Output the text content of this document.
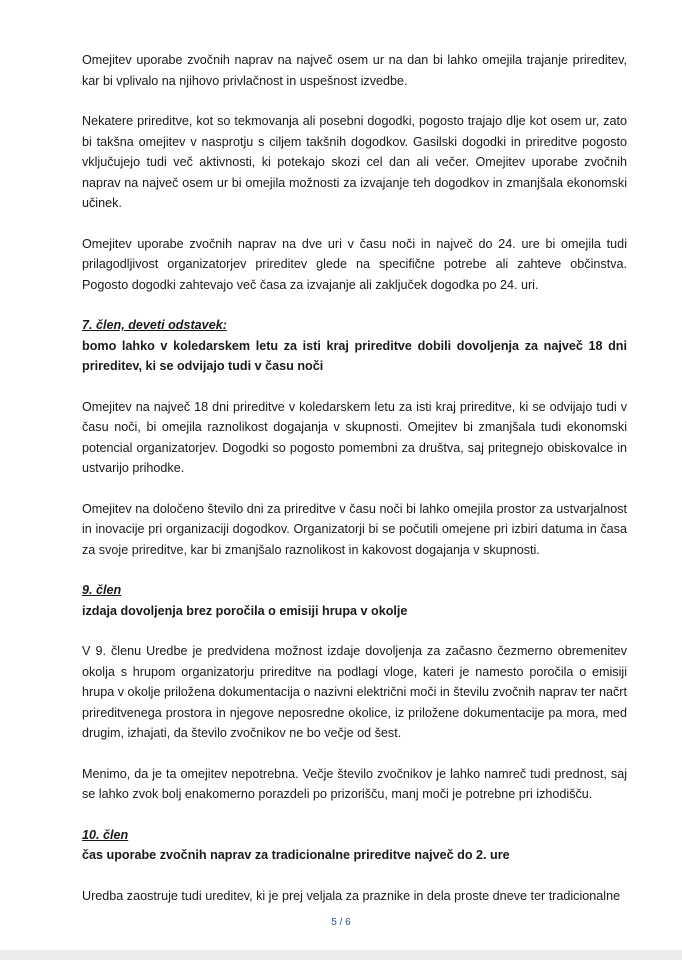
Omejitev uporabe zvočnih naprav na največ osem ur na dan bi lahko omejila trajanje prireditev, kar bi vplivalo na njihovo privlačnost in uspešnost izvedbe.

Nekatere prireditve, kot so tekmovanja ali posebni dogodki, pogosto trajajo dlje kot osem ur, zato bi takšna omejitev v nasprotju s ciljem takšnih dogodkov. Gasilski dogodki in prireditve pogosto vključujejo tudi več aktivnosti, ki potekajo skozi cel dan ali večer. Omejitev uporabe zvočnih naprav na največ osem ur bi omejila možnosti za izvajanje teh dogodkov in zmanjšala ekonomski učinek.

Omejitev uporabe zvočnih naprav na dve uri v času noči in največ do 24. ure bi omejila tudi prilagodljivost organizatorjev prireditev glede na specifične potrebe ali zahteve občinstva. Pogosto dogodki zahtevajo več časa za izvajanje ali zaključek dogodka po 24. uri.

7. člen, deveti odstavek:

bomo lahko v koledarskem letu za isti kraj prireditve dobili dovoljenja za največ 18 dni prireditev, ki se odvijajo tudi v času noči

Omejitev na največ 18 dni prireditve v koledarskem letu za isti kraj prireditve, ki se odvijajo tudi v času noči, bi omejila raznolikost dogajanja v skupnosti. Omejitev bi zmanjšala tudi ekonomski potencial organizatorjev. Dogodki so pogosto pomembni za društva, saj pritegnejo obiskovalce in ustvarijo prihodke.

Omejitev na določeno število dni za prireditve v času noči bi lahko omejila prostor za ustvarjalnost in inovacije pri organizaciji dogodkov. Organizatorji bi se počutili omejene pri izbiri datuma in časa za svoje prireditve, kar bi zmanjšalo raznolikost in kakovost dogajanja v skupnosti.

9. člen

izdaja dovoljenja brez poročila o emisiji hrupa v okolje

V 9. členu Uredbe je predvidena možnost izdaje dovoljenja za začasno čezmerno obremenitev okolja s hrupom organizatorju prireditve na podlagi vloge, kateri je namesto poročila o emisiji hrupa v okolje priložena dokumentacija o nazivni električni moči in številu zvočnih naprav ter načrt prireditvenega prostora in njegove neposredne okolice, iz priložene dokumentacije pa mora, med drugim, izhajati, da število zvočnikov ne bo večje od šest.

Menimo, da je ta omejitev nepotrebna. Večje število zvočnikov je lahko namreč tudi prednost, saj se lahko zvok bolj enakomerno porazdeli po prizorišču, manj moči je potrebne pri izhodišču.

10. člen

čas uporabe zvočnih naprav za tradicionalne prireditve največ do 2. ure

Uredba zaostruje tudi ureditev, ki je prej veljala za praznike in dela proste dneve ter tradicionalne

5 / 6
